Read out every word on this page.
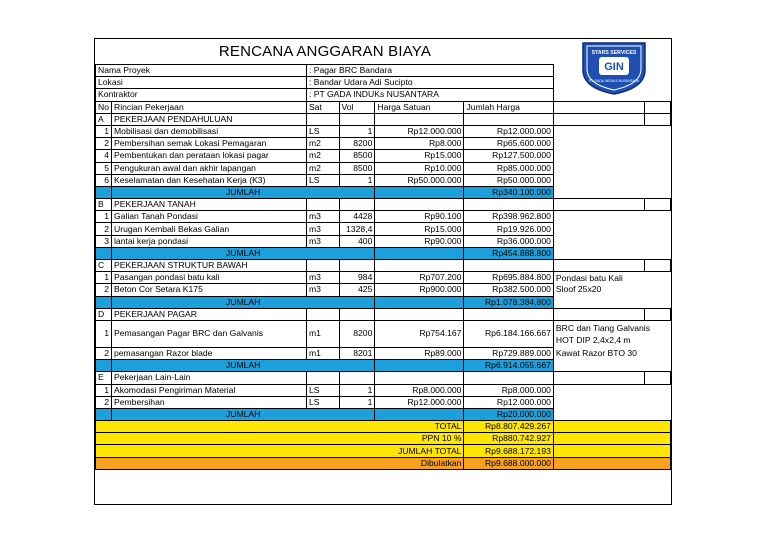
RENCANA ANGGARAN BIAYA	STARS SERVICES
GIN
PT. GADA INDUKS NUSANTARA
Nama Proyek		: Pagar BRC Bandara					
Lokasi		: Bandar Udara Adi Sucipto					
Kontraktor		: PT GADA INDUKs NUSANTARA					
No	Rincian Pekerjaan	Sat	Vol	Harga Satuan	Jumlah Harga		
A	PEKERJAAN PENDAHULUAN						
1	Mobilisasi dan demobilisasi	LS	1	Rp12.000.000	Rp12.000.000		
2	Pembersihan semak Lokasi Pemagaran	m2	8200	Rp8.000	Rp65.600.000		
4	Pembentukan dan perataan lokasi pagar	m2	8500	Rp15.000	Rp127.500.000		
5	Pengukuran awal dan akhir lapangan	m2	8500	Rp10.000	Rp85.000.000		
6	Keselamatan dan Kesehatan Kerja (K3)	LS	1	Rp50.000.000	Rp50.000.000		
	JUMLAH				Rp340.100.000		
B	PEKERJAAN TANAH						
1	Galian Tanah Pondasi	m3	4428	Rp90.100	Rp398.962.800		
2	Urugan Kembali Bekas Galian	m3	1328,4	Rp15.000	Rp19.926.000		
3	lantai kerja pondasi	m3	400	Rp90.000	Rp36.000.000		
	JUMLAH				Rp454.888.800		
C	PEKERJAAN STRUKTUR BAWAH						
1	Pasangan pondasi batu kali	m3	984	Rp707.200	Rp695.884.800	Pondasi batu Kali	
2	Beton Cor Setara K175	m3	425	Rp900.000	Rp382.500.000	Sloof 25x20	
	JUMLAH				Rp1.078.384.800		
D	PEKERJAAN PAGAR						
1	Pemasangan Pagar BRC dan Galvanis	m1	8200	Rp754.167	Rp6.184.166.667	BRC dan Tiang Galvanis HOT DIP 2,4x2,4 m	
2	pemasangan Razor blade	m1	8201	Rp89.000	Rp729.889.000	Kawat Razor BTO 30	
	JUMLAH				Rp6.914.055.667		
E	Pekerjaan Lain-Lain						
1	Akomodasi Pengiriman Material	LS	1	Rp8.000.000	Rp8.000.000		
2	Pembersihan	LS	1	Rp12.000.000	Rp12.000.000		
	JUMLAH				Rp20.000.000		
TOTAL					Rp8.807.429.267		
PPN 10 %					Rp880.742.927		
JUMLAH TOTAL					Rp9.688.172.193		
Dibulatkan					Rp9.688.000.000		
